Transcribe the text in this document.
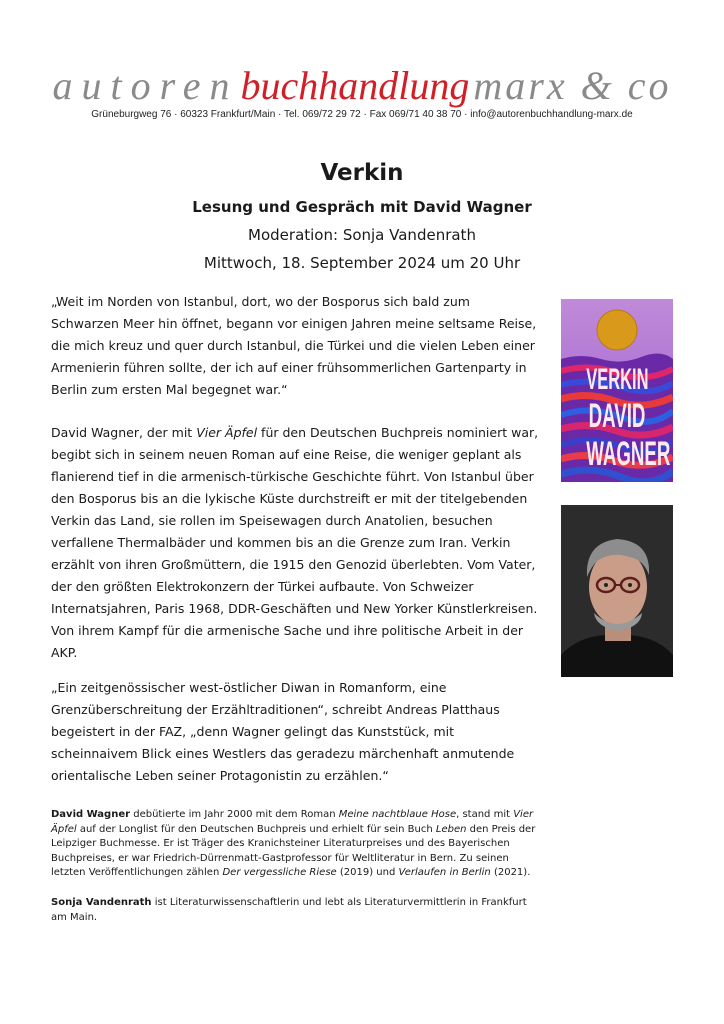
autorenbuchhandlung marx & co
Grüneburgweg 76 · 60323 Frankfurt/Main · Tel. 069/72 29 72 · Fax 069/71 40 38 70 · info@autorenbuchhandlung-marx.de
Verkin
Lesung und Gespräch mit David Wagner
Moderation: Sonja Vandenrath
Mittwoch, 18. September 2024 um 20 Uhr
„Weit im Norden von Istanbul, dort, wo der Bosporus sich bald zum Schwarzen Meer hin öffnet, begann vor einigen Jahren meine seltsame Reise, die mich kreuz und quer durch Istanbul, die Türkei und die vielen Leben einer Armenierin führen sollte, der ich auf einer frühsommerlichen Gartenparty in Berlin zum ersten Mal begegnet war.“
David Wagner, der mit Vier Äpfel für den Deutschen Buchpreis nominiert war, begibt sich in seinem neuen Roman auf eine Reise, die weniger geplant als flanierend tief in die armenisch-türkische Geschichte führt. Von Istanbul über den Bosporus bis an die lykische Küste durchstreift er mit der titelgebenden Verkin das Land, sie rollen im Speisewagen durch Anatolien, besuchen verfallene Thermalbäder und kommen bis an die Grenze zum Iran. Verkin erzählt von ihren Großmüttern, die 1915 den Genozid überlebten. Vom Vater, der den größten Elektrokonzern der Türkei aufbaute. Von Schweizer Internatsjahren, Paris 1968, DDR-Geschäften und New Yorker Künstlerkreisen. Von ihrem Kampf für die armenische Sache und ihre politische Arbeit in der AKP.
„Ein zeitgenössischer west-östlicher Diwan in Romanform, eine Grenzüberschreitung der Erzähltraditionen“, schreibt Andreas Platthaus begeistert in der FAZ, „denn Wagner gelingt das Kunststück, mit scheinnaivem Blick eines Westlers das geradezu märchenhaft anmutende orientalische Leben seiner Protagonistin zu erzählen.“
David Wagner debütierte im Jahr 2000 mit dem Roman Meine nachtblaue Hose, stand mit Vier Äpfel auf der Longlist für den Deutschen Buchpreis und erhielt für sein Buch Leben den Preis der Leipziger Buchmesse. Er ist Träger des Kranichsteiner Literaturpreises und des Bayerischen Buchpreises, er war Friedrich-Dürrenmatt-Gastprofessor für Weltliteratur in Bern. Zu seinen letzten Veröffentlichungen zählen Der vergessliche Riese (2019) und Verlaufen in Berlin (2021).
Sonja Vandenrath ist Literaturwissenschaftlerin und lebt als Literaturvermittlerin in Frankfurt am Main.
VERKIN
DAVID
WAGNER
